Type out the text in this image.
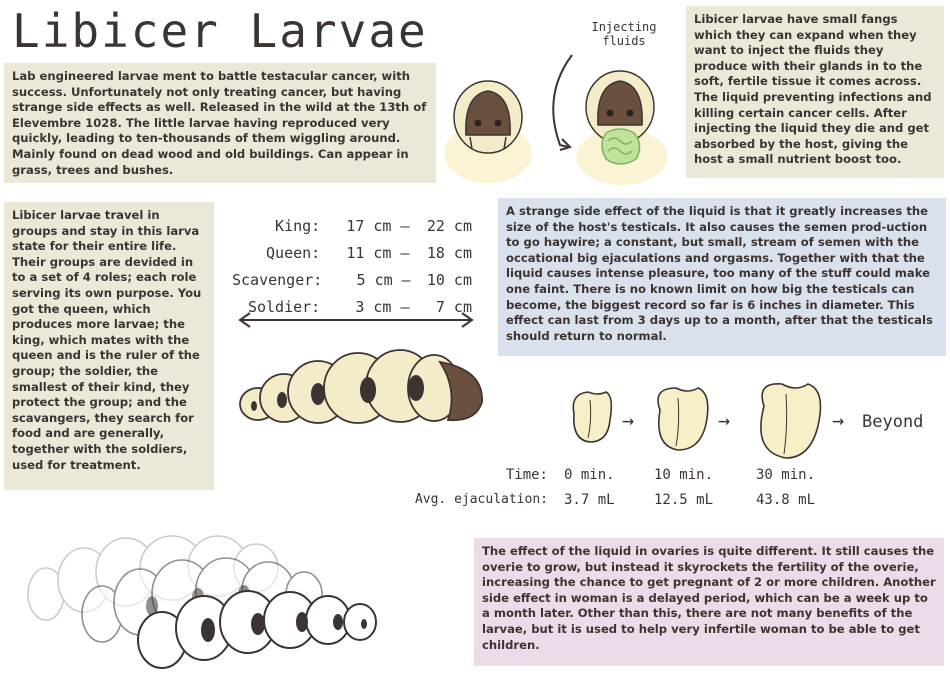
Libicer Larvae
Lab engineered larvae ment to battle testacular cancer, with success. Unfortunately not only treating cancer, but having strange side effects as well. Released in the wild at the 13th of Elevembre 1028. The little larvae having reproduced very quickly, leading to ten-thousands of them wiggling around. Mainly found on dead wood and old buildings. Can appear in grass, trees and bushes.
Libicer larvae have small fangs which they can expand when they want to inject the fluids they produce with their glands in to the soft, fertile tissue it comes across. The liquid preventing infections and killing certain cancer cells. After injecting the liquid they die and get absorbed by the host, giving the host a small nutrient boost too.
Libicer larvae travel in groups and stay in this larva state for their entire life. Their groups are devided in to a set of 4 roles; each role serving its own purpose. You got the queen, which produces more larvae; the king, which mates with the queen and is the ruler of the group; the soldier, the smallest of their kind, they protect the group; and the scavangers, they search for food and are generally, together with the soldiers, used for treatment.
A strange side effect of the liquid is that it greatly increases the size of the host's testicals. It also causes the semen prod-uction to go haywire; a constant, but small, stream of semen with the occational big ejaculations and orgasms. Together with that the liquid causes intense pleasure, too many of the stuff could make one faint. There is no known limit on how big the testicals can become, the biggest record so far is 6 inches in diameter. This effect can last from 3 days up to a month, after that the testicals should return to normal.
The effect of the liquid in ovaries is quite different. It still causes the overie to grow, but instead it skyrockets the fertility of the overie, increasing the chance to get pregnant of 2 or more children. Another side effect in woman is a delayed period, which can be a week up to a month later. Other than this, there are not many benefits of the larvae, but it is used to help very infertile woman to be able to get children.
Injecting fluids
King:	17 cm –	22 cm
Queen:	11 cm –	18 cm
Scavenger:	5 cm –	10 cm
Soldier:	3 cm –	7 cm
→	→	→ Beyond
Time: 0 min.	10 min.	30 min.
Avg. ejaculation: 3.7 mL	12.5 mL	43.8 mL
